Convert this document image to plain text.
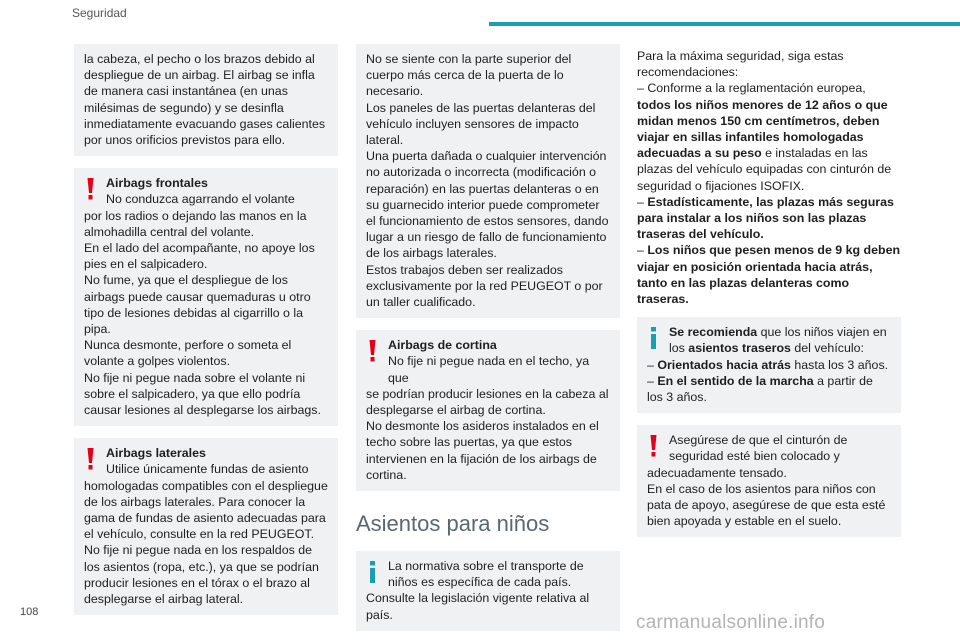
Seguridad

la cabeza, el pecho o los brazos debido al despliegue de un airbag. El airbag se infla de manera casi instantánea (en unas milésimas de segundo) y se desinfla inmediatamente evacuando gases calientes por unos orificios previstos para ello.

Airbags frontales

No conduzca agarrando el volante

por los radios o dejando las manos en la almohadilla central del volante.

En el lado del acompañante, no apoye los pies en el salpicadero.

No fume, ya que el despliegue de los airbags puede causar quemaduras u otro tipo de lesiones debidas al cigarrillo o la pipa.

Nunca desmonte, perfore o someta el volante a golpes violentos.

No fije ni pegue nada sobre el volante ni sobre el salpicadero, ya que ello podría causar lesiones al desplegarse los airbags.

Airbags laterales

Utilice únicamente fundas de asiento

homologadas compatibles con el despliegue de los airbags laterales. Para conocer la gama de fundas de asiento adecuadas para el vehículo, consulte en la red PEUGEOT.

No fije ni pegue nada en los respaldos de los asientos (ropa, etc.), ya que se podrían producir lesiones en el tórax o el brazo al desplegarse el airbag lateral.

No se siente con la parte superior del cuerpo más cerca de la puerta de lo necesario.

Los paneles de las puertas delanteras del vehículo incluyen sensores de impacto lateral.

Una puerta dañada o cualquier intervención no autorizada o incorrecta (modificación o reparación) en las puertas delanteras o en su guarnecido interior puede comprometer el funcionamiento de estos sensores, dando lugar a un riesgo de fallo de funcionamiento de los airbags laterales.

Estos trabajos deben ser realizados exclusivamente por la red PEUGEOT o por un taller cualificado.

Airbags de cortina

No fije ni pegue nada en el techo, ya que

se podrían producir lesiones en la cabeza al desplegarse el airbag de cortina.

No desmonte los asideros instalados en el techo sobre las puertas, ya que estos intervienen en la fijación de los airbags de cortina.

Asientos para niños

La normativa sobre el transporte de

niños es específica de cada país.

Consulte la legislación vigente relativa al país.

Para la máxima seguridad, siga estas recomendaciones:

– Conforme a la reglamentación europea, todos los niños menores de 12 años o que midan menos 150 cm centímetros, deben viajar en sillas infantiles homologadas adecuadas a su peso e instaladas en las plazas del vehículo equipadas con cinturón de seguridad o fijaciones ISOFIX.

– Estadísticamente, las plazas más seguras para instalar a los niños son las plazas traseras del vehículo.

– Los niños que pesen menos de 9 kg deben viajar en posición orientada hacia atrás, tanto en las plazas delanteras como traseras.

Se recomienda que los niños viajen en

los asientos traseros del vehículo:

– Orientados hacia atrás hasta los 3 años.

– En el sentido de la marcha a partir de los 3 años.

Asegúrese de que el cinturón de

seguridad esté bien colocado y

adecuadamente tensado.

En el caso de los asientos para niños con pata de apoyo, asegúrese de que esta esté bien apoyada y estable en el suelo.

108	carmanualsonline.info
